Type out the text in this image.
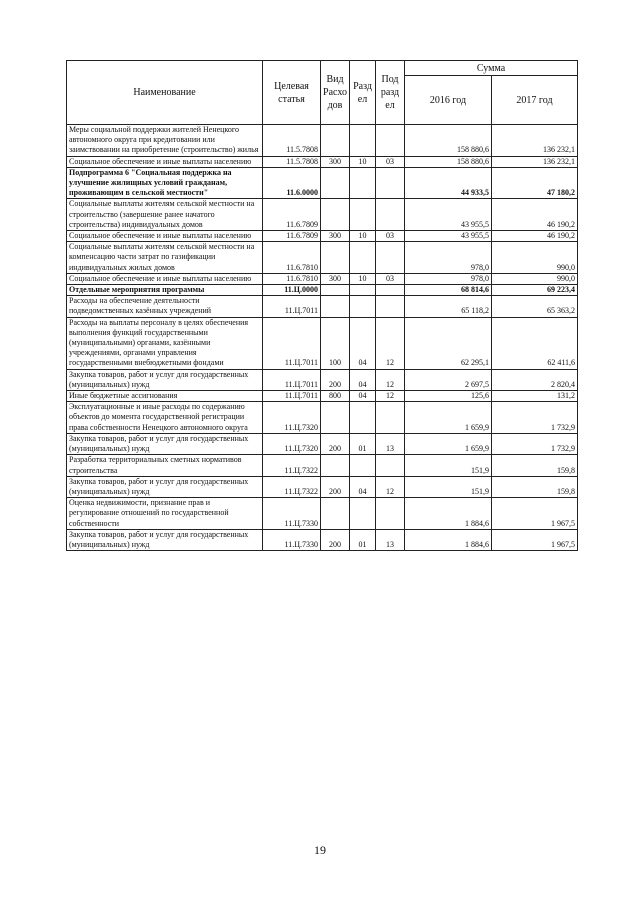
Наименование	Целевая статья	Вид Расхо дов	Разд ел	Под разд ел	Сумма	
					2016 год	2017 год
Меры социальной поддержки жителей Ненецкого автономного округа при кредитовании или заимствовании на приобретение (строительство) жилья	11.5.7808				158 880,6	136 232,1
Социальное обеспечение и иные выплаты населению	11.5.7808	300	10	03	158 880,6	136 232,1
Подпрограмма 6 "Социальная поддержка на улучшение жилищных условий гражданам, проживающим в сельской местности"	11.6.0000				44 933,5	47 180,2
Социальные выплаты жителям сельской местности на строительство (завершение ранее начатого строительства) индивидуальных домов	11.6.7809				43 955,5	46 190,2
Социальное обеспечение и иные выплаты населению	11.6.7809	300	10	03	43 955,5	46 190,2
Социальные выплаты жителям сельской местности на компенсацию части затрат по газификации индивидуальных жилых домов	11.6.7810				978,0	990,0
Социальное обеспечение и иные выплаты населению	11.6.7810	300	10	03	978,0	990,0
Отдельные мероприятия программы	11.Ц.0000				68 814,6	69 223,4
Расходы на обеспечение деятельности подведомственных казённых учреждений	11.Ц.7011				65 118,2	65 363,2
Расходы на выплаты персоналу в целях обеспечения выполнения функций государственными (муниципальными) органами, казёнными учреждениями, органами управления государственными внебюджетными фондами	11.Ц.7011	100	04	12	62 295,1	62 411,6
Закупка товаров, работ и услуг для государственных (муниципальных) нужд	11.Ц.7011	200	04	12	2 697,5	2 820,4
Иные бюджетные ассигнования	11.Ц.7011	800	04	12	125,6	131,2
Эксплуатационные и иные расходы по содержанию объектов до момента государственной регистрации права собственности Ненецкого автономного округа	11.Ц.7320				1 659,9	1 732,9
Закупка товаров, работ и услуг для государственных (муниципальных) нужд	11.Ц.7320	200	01	13	1 659,9	1 732,9
Разработка территориальных сметных нормативов строительства	11.Ц.7322				151,9	159,8
Закупка товаров, работ и услуг для государственных (муниципальных) нужд	11.Ц.7322	200	04	12	151,9	159,8
Оценка недвижимости, признание прав и регулирование отношений по государственной собственности	11.Ц.7330				1 884,6	1 967,5
Закупка товаров, работ и услуг для государственных (муниципальных) нужд	11.Ц.7330	200	01	13	1 884,6	1 967,5
19
